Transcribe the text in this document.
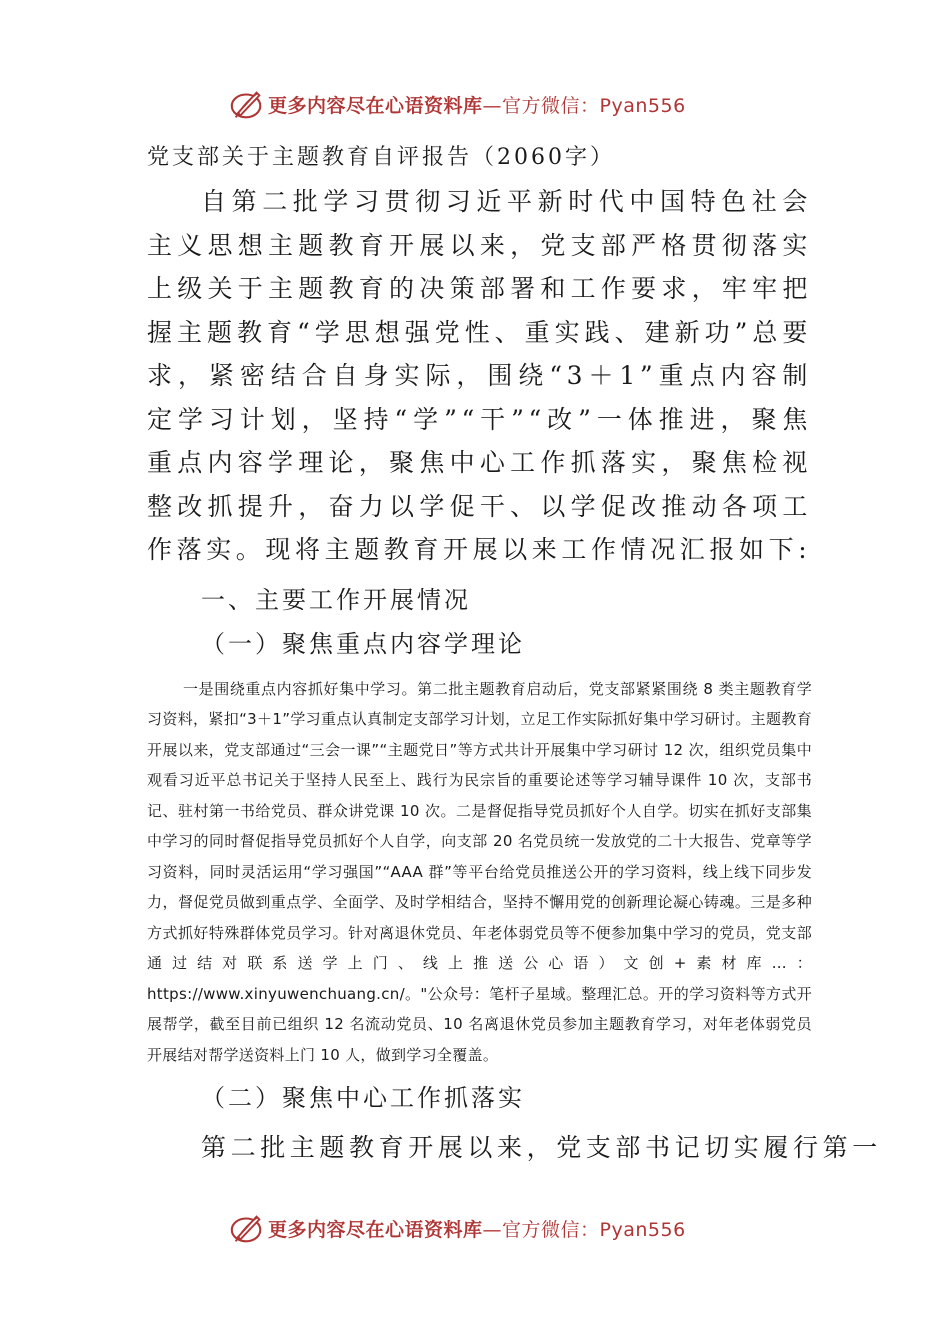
更多内容尽在心语资料库—官方微信：Pyan556

党支部关于主题教育自评报告（2060字）

自第二批学习贯彻习近平新时代中国特色社会主义思想主题教育开展以来，党支部严格贯彻落实上级关于主题教育的决策部署和工作要求，牢牢把握主题教育“学思想强党性、重实践、建新功”总要求，紧密结合自身实际，围绕“3＋1”重点内容制定学习计划，坚持“学”“干”“改”一体推进，聚焦重点内容学理论，聚焦中心工作抓落实，聚焦检视整改抓提升，奋力以学促干、以学促改推动各项工作落实。现将主题教育开展以来工作情况汇报如下:

一、主要工作开展情况

（一）聚焦重点内容学理论

一是围绕重点内容抓好集中学习。第二批主题教育启动后，党支部紧紧围绕 8 类主题教育学习资料，紧扣“3＋1”学习重点认真制定支部学习计划，立足工作实际抓好集中学习研讨。主题教育开展以来，党支部通过“三会一课”“主题党日”等方式共计开展集中学习研讨 12 次，组织党员集中观看习近平总书记关于坚持人民至上、践行为民宗旨的重要论述等学习辅导课件 10 次，支部书记、驻村第一书给党员、群众讲党课 10 次。二是督促指导党员抓好个人自学。切实在抓好支部集中学习的同时督促指导党员抓好个人自学，向支部 20 名党员统一发放党的二十大报告、党章等学习资料，同时灵活运用“学习强国”“AAA 群”等平台给党员推送公开的学习资料，线上线下同步发力，督促党员做到重点学、全面学、及时学相结合，坚持不懈用党的创新理论凝心铸魂。三是多种方式抓好特殊群体党员学习。针对离退休党员、年老体弱党员等不便参加集中学习的党员，党支部通过结对联系送学上门、线上推送公心语）文创+素材库…：https://www.xinyuwenchuang.cn/。"公众号：笔杆子星域。整理汇总。开的学习资料等方式开展帮学，截至目前已组织 12 名流动党员、10 名离退休党员参加主题教育学习，对年老体弱党员开展结对帮学送资料上门 10 人，做到学习全覆盖。

（二）聚焦中心工作抓落实

第二批主题教育开展以来，党支部书记切实履行第一

更多内容尽在心语资料库—官方微信：Pyan556
